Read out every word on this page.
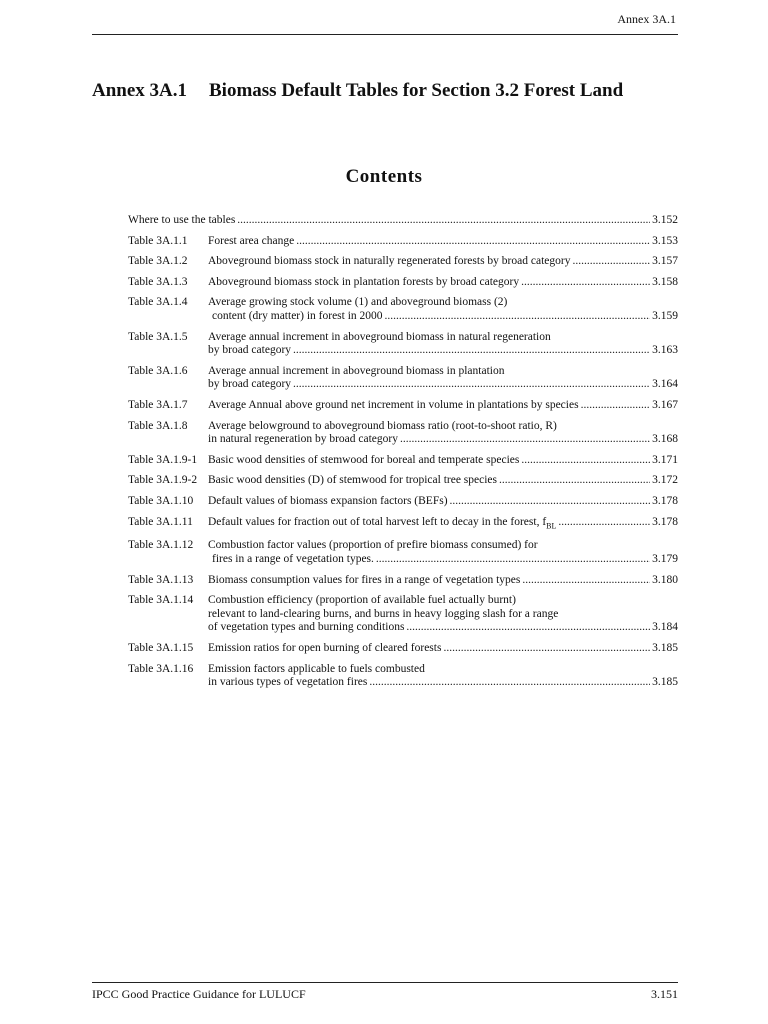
Annex 3A.1
Annex 3A.1 Biomass Default Tables for Section 3.2 Forest Land
Contents
Where to use the tables .....	3.152
Table 3A.1.1	Forest area change .....	3.153
Table 3A.1.2	Aboveground biomass stock in naturally regenerated forests by broad category .....	3.157
Table 3A.1.3	Aboveground biomass stock in plantation forests by broad category .....	3.158
Table 3A.1.4	Average growing stock volume (1) and aboveground biomass (2)
content (dry matter) in forest in 2000 .....	3.159
Table 3A.1.5	Average annual increment in aboveground biomass in natural regeneration
by broad category .....	3.163
Table 3A.1.6	Average annual increment in aboveground biomass in plantation
by broad category .....	3.164
Table 3A.1.7	Average Annual above ground net increment in volume in plantations by species .....	3.167
Table 3A.1.8	Average belowground to aboveground biomass ratio (root-to-shoot ratio, R)
in natural regeneration by broad category .....	3.168
Table 3A.1.9-1 Basic wood densities of stemwood for boreal and temperate species .....	3.171
Table 3A.1.9-2 Basic wood densities (D) of stemwood for tropical tree species .....	3.172
Table 3A.1.10	Default values of biomass expansion factors (BEFs) .....	3.178
Table 3A.1.11	Default values for fraction out of total harvest left to decay in the forest, $f_{BL}$ .....	3.178
Table 3A.1.12	Combustion factor values (proportion of prefire biomass consumed) for
fires in a range of vegetation types. .....	3.179
Table 3A.1.13	Biomass consumption values for fires in a range of vegetation types .....	3.180
Table 3A.1.14	Combustion efficiency (proportion of available fuel actually burnt)
relevant to land-clearing burns, and burns in heavy logging slash for a range
of vegetation types and burning conditions .....	3.184
Table 3A.1.15	Emission ratios for open burning of cleared forests .....	3.185
Table 3A.1.16	Emission factors applicable to fuels combusted
in various types of vegetation fires .....	3.185
IPCC Good Practice Guidance for LULUCF	3.151
